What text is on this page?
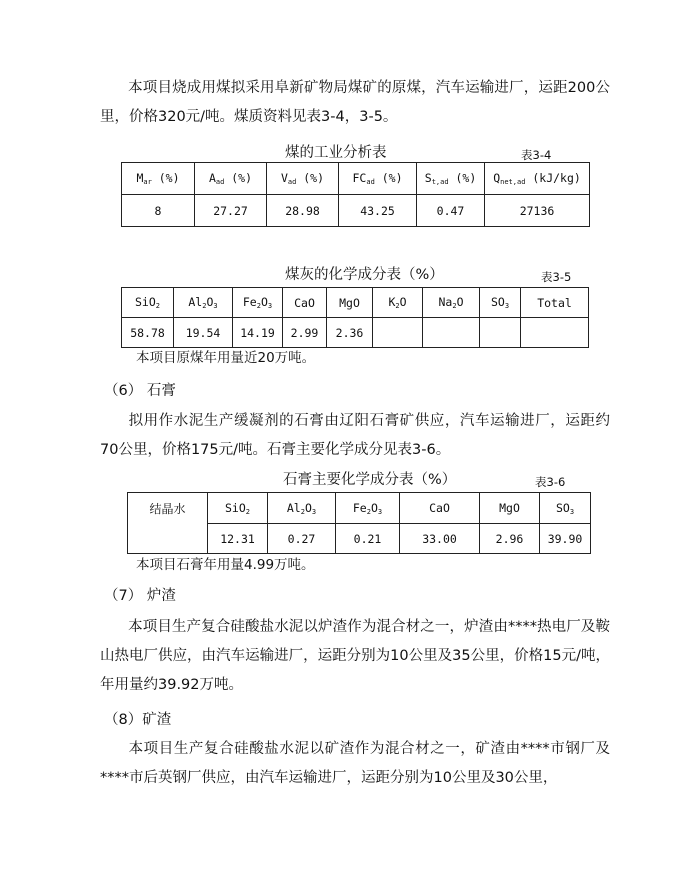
本项目烧成用煤拟采用阜新矿物局煤矿的原煤，汽车运输进厂，运距200公里，价格320元/吨。煤质资料见表3-4，3-5。
煤的工业分析表	表3-4
$M_{ar}$ (%)	$A_{ad}$ (%)	$V_{ad}$ (%)	$FC_{ad}$ (%)	$S_{t,ad}$ (%)	$Q_{net,ad}$ (kJ/kg)
8	27.27	28.98	43.25	0.47	27136
煤灰的化学成分表（%）	表3-5
SiO$_2$	$Al_2O_3$	$Fe_2O_3$	CaO	MgO	$K_2O$	$Na_2O$	$SO_3$	Total
58.78	19.54	14.19	2.99	2.36				
本项目原煤年用量近20万吨。
（6） 石膏
拟用作水泥生产缓凝剂的石膏由辽阳石膏矿供应，汽车运输进厂，运距约70公里，价格175元/吨。石膏主要化学成分见表3-6。
石膏主要化学成分表（%）	表3-6
结晶水	SiO$_2$	$Al_2O_3$	$Fe_2O_3$	CaO	MgO	$SO_3$
	12.31	0.27	0.21	33.00	2.96	39.90
本项目石膏年用量4.99万吨。
（7） 炉渣
本项目生产复合硅酸盐水泥以炉渣作为混合材之一，炉渣由****热电厂及鞍山热电厂供应，由汽车运输进厂，运距分别为10公里及35公里，价格15元/吨，年用量约39.92万吨。
（8）矿渣
本项目生产复合硅酸盐水泥以矿渣作为混合材之一，矿渣由****市钢厂及****市后英钢厂供应，由汽车运输进厂，运距分别为10公里及30公里，
